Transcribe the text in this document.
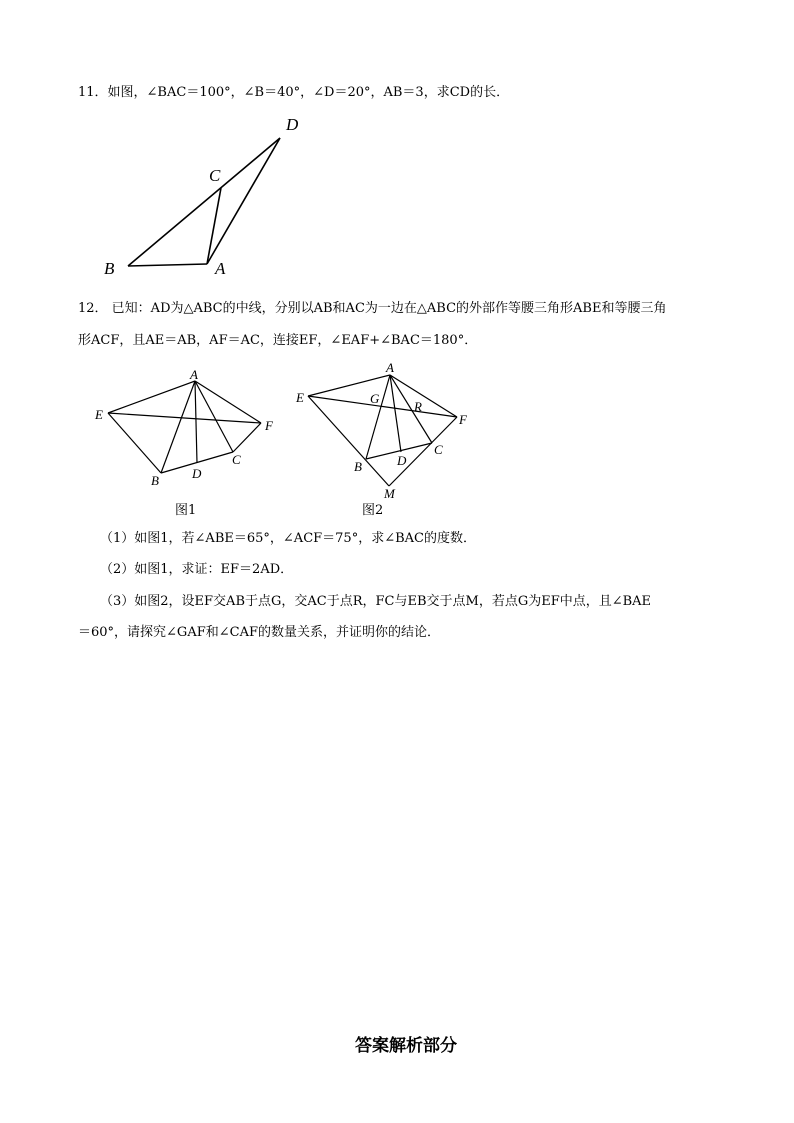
11．如图，∠BAC＝100°，∠B＝40°，∠D＝20°，AB＝3，求CD的长．
B	A
C
D
12． 已知：AD为△ABC的中线，分别以AB和AC为一边在△ABC的外部作等腰三角形ABE和等腰三角
形ACF，且AE＝AB，AF＝AC，连接EF，∠EAF+∠BAC＝180°．
A
E
F
B	D
C
图1
A
E	G
R
F
C
D
B
M
图2
（1）如图1，若∠ABE＝65°，∠ACF＝75°，求∠BAC的度数．
（2）如图1，求证：EF＝2AD．
（3）如图2，设EF交AB于点G，交AC于点R，FC与EB交于点M，若点G为EF中点，且∠BAE
＝60°，请探究∠GAF和∠CAF的数量关系，并证明你的结论．
答案解析部分
